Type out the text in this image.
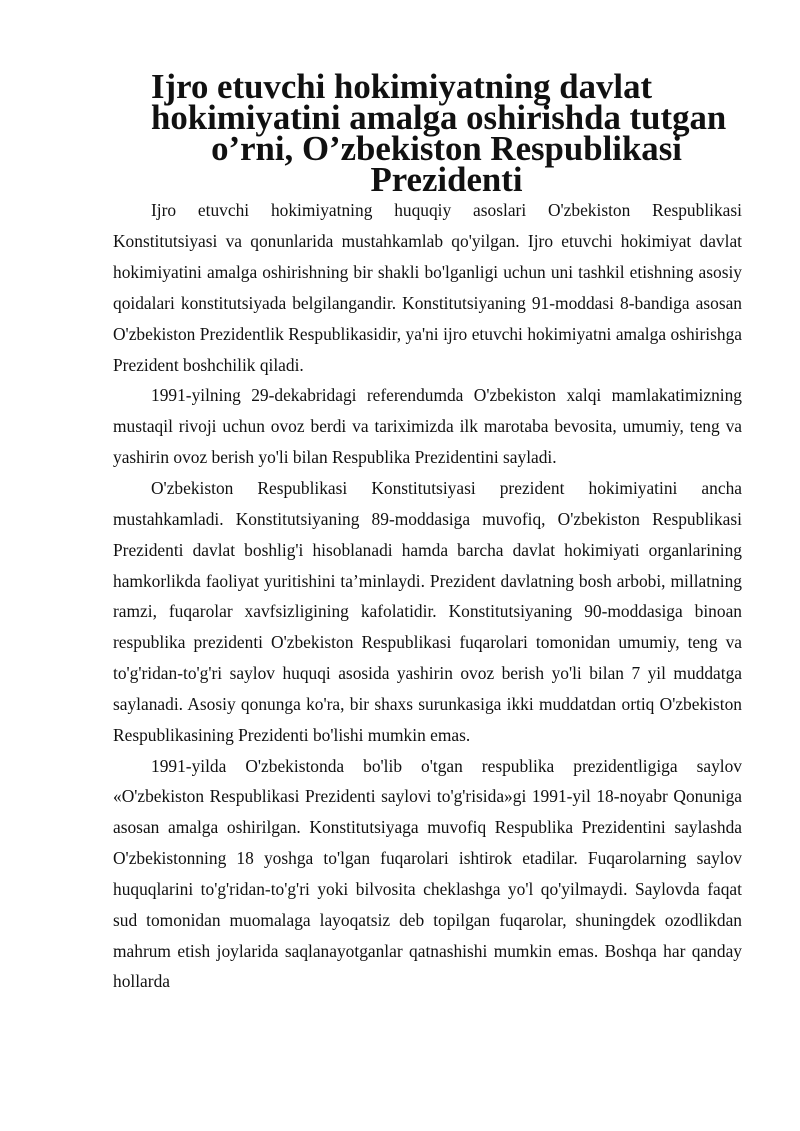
Ijro etuvchi hokimiyatning davlat hokimiyatini amalga oshirishda tutgan
o’rni, O’zbekiston Respublikasi Prezidenti

Ijro etuvchi hokimiyatning huquqiy asoslari O'zbekiston Respublikasi Konstitutsiyasi va qonunlarida mustahkamlab qo'yilgan. Ijro etuvchi hokimiyat davlat hokimiyatini amalga oshirishning bir shakli bo'lganligi uchun uni tashkil etishning asosiy qoidalari konstitutsiyada belgilangandir. Konstitutsiyaning 91-moddasi 8-bandiga asosan O'zbekiston Prezidentlik Respublikasidir, ya'ni ijro etuvchi hokimiyatni amalga oshirishga Prezident boshchilik qiladi.

1991-yilning 29-dekabridagi referendumda O'zbekiston xalqi mamlakatimizning mustaqil rivoji uchun ovoz berdi va tariximizda ilk marotaba bevosita, umumiy, teng va yashirin ovoz berish yo'li bilan Respublika Prezidentini sayladi.

O'zbekiston Respublikasi Konstitutsiyasi prezident hokimiyatini ancha mustahkamladi. Konstitutsiyaning 89-moddasiga muvofiq, O'zbekiston Respublikasi Prezidenti davlat boshlig'i hisoblanadi hamda barcha davlat hokimiyati organlarining hamkorlikda faoliyat yuritishini ta’minlaydi. Prezident davlatning bosh arbobi, millatning ramzi, fuqarolar xavfsizligining kafolatidir. Konstitutsiyaning 90-moddasiga binoan respublika prezidenti O'zbekiston Respublikasi fuqarolari tomonidan umumiy, teng va to'g'ridan-to'g'ri saylov huquqi asosida yashirin ovoz berish yo'li bilan 7 yil muddatga saylanadi. Asosiy qonunga ko'ra, bir shaxs surunkasiga ikki muddatdan ortiq O'zbekiston Respublikasining Prezidenti bo'lishi mumkin emas.

1991-yilda O'zbekistonda bo'lib o'tgan respublika prezidentligiga saylov «O'zbekiston Respublikasi Prezidenti saylovi to'g'risida»gi 1991-yil 18-noyabr Qonuniga asosan amalga oshirilgan. Konstitutsiyaga muvofiq Respublika Prezidentini saylashda O'zbekistonning 18 yoshga to'lgan fuqarolari ishtirok etadilar. Fuqarolarning saylov huquqlarini to'g'ridan-to'g'ri yoki bilvosita cheklashga yo'l qo'yilmaydi. Saylovda faqat sud tomonidan muomalaga layoqatsiz deb topilgan fuqarolar, shuningdek ozodlikdan mahrum etish joylarida saqlanayotganlar qatnashishi mumkin emas. Boshqa har qanday hollarda
